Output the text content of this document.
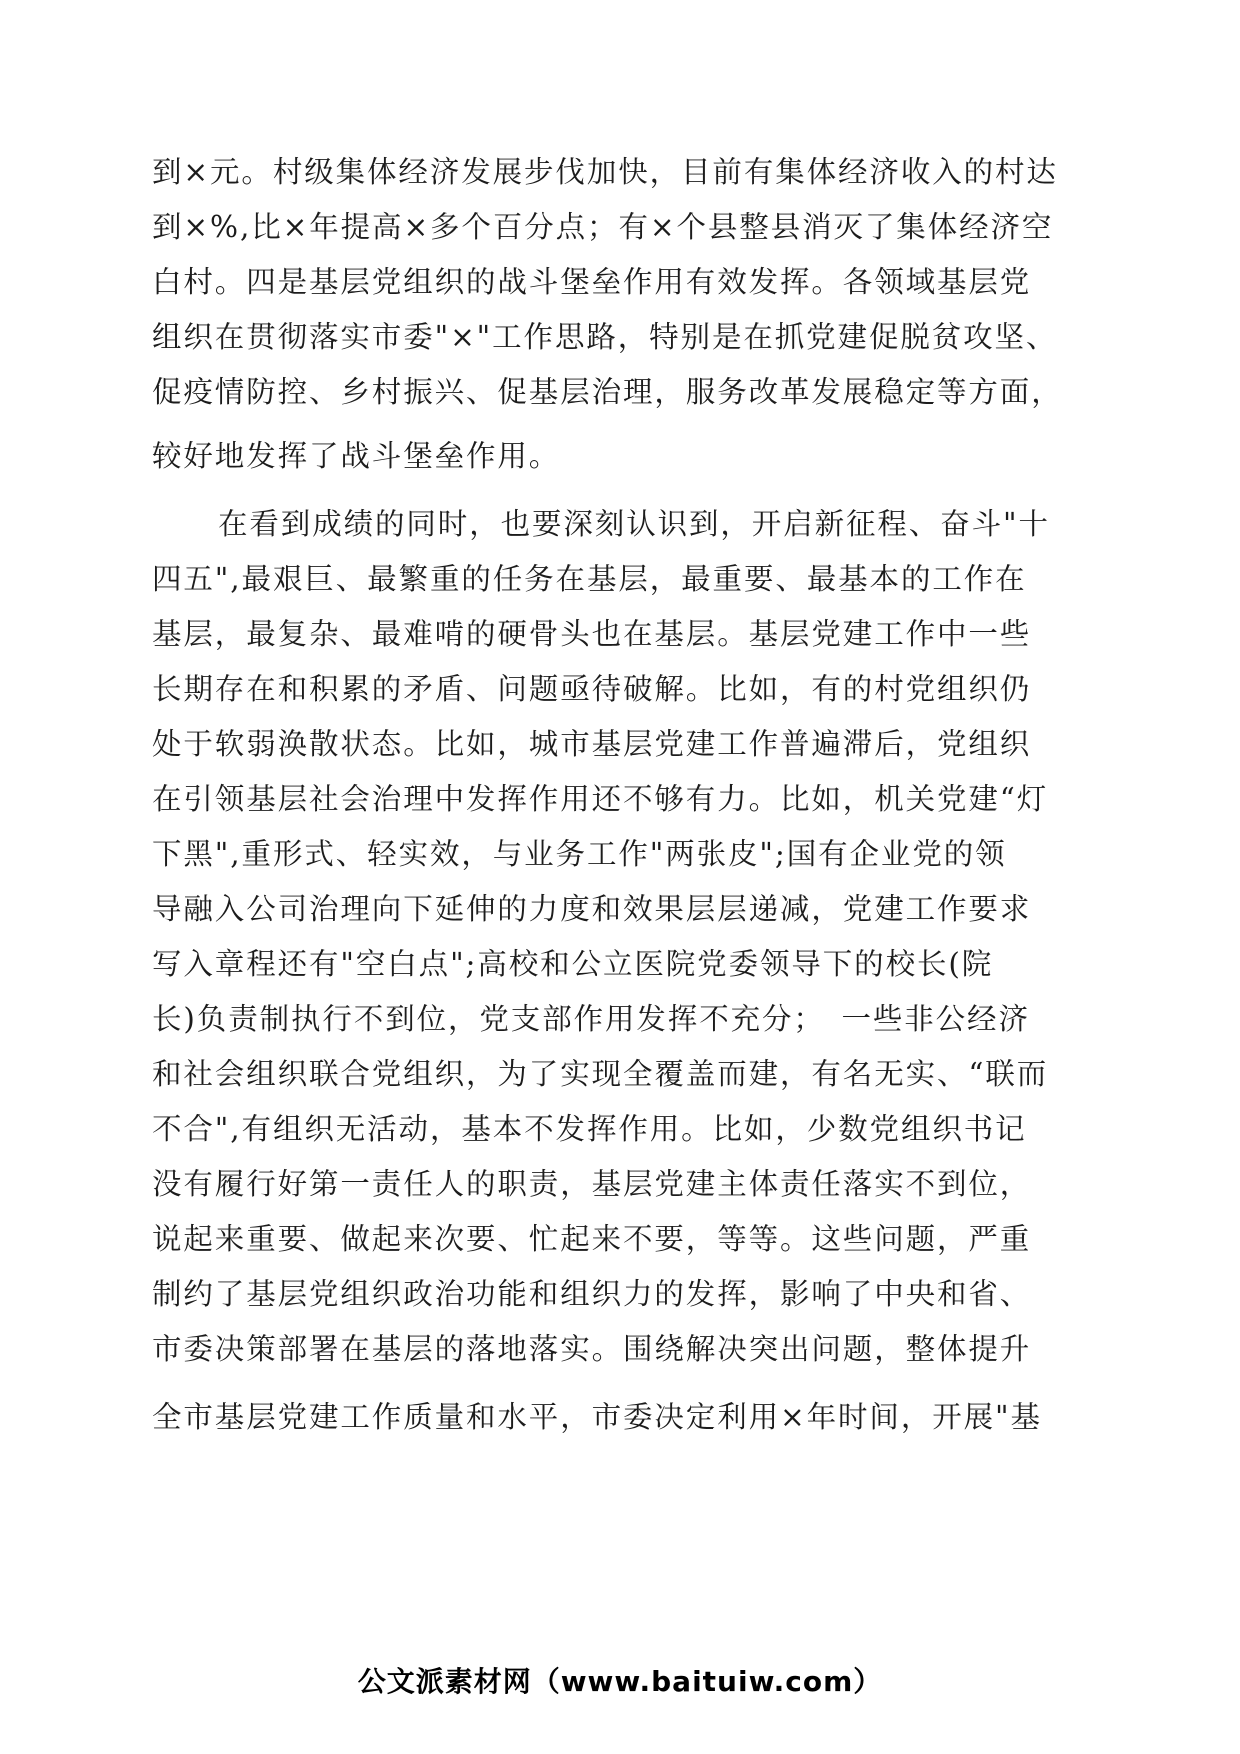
到×元。村级集体经济发展步伐加快，目前有集体经济收入的村达
到×%,比×年提高×多个百分点；有×个县整县消灭了集体经济空
白村。四是基层党组织的战斗堡垒作用有效发挥。各领域基层党
组织在贯彻落实市委"×"工作思路，特别是在抓党建促脱贫攻坚、
促疫情防控、乡村振兴、促基层治理，服务改革发展稳定等方面，
较好地发挥了战斗堡垒作用。
在看到成绩的同时，也要深刻认识到，开启新征程、奋斗"十
四五",最艰巨、最繁重的任务在基层，最重要、最基本的工作在
基层，最复杂、最难啃的硬骨头也在基层。基层党建工作中一些
长期存在和积累的矛盾、问题亟待破解。比如，有的村党组织仍
处于软弱涣散状态。比如，城市基层党建工作普遍滞后，党组织
在引领基层社会治理中发挥作用还不够有力。比如，机关党建“灯
下黑",重形式、轻实效，与业务工作"两张皮";国有企业党的领
导融入公司治理向下延伸的力度和效果层层递减，党建工作要求
写入章程还有"空白点";高校和公立医院党委领导下的校长(院
长)负责制执行不到位，党支部作用发挥不充分；　一些非公经济
和社会组织联合党组织，为了实现全覆盖而建，有名无实、“联而
不合",有组织无活动，基本不发挥作用。比如，少数党组织书记
没有履行好第一责任人的职责，基层党建主体责任落实不到位，
说起来重要、做起来次要、忙起来不要，等等。这些问题，严重
制约了基层党组织政治功能和组织力的发挥，影响了中央和省、
市委决策部署在基层的落地落实。围绕解决突出问题，整体提升
全市基层党建工作质量和水平，市委决定利用×年时间，开展"基
公文派素材网（www.baituiw.com）
